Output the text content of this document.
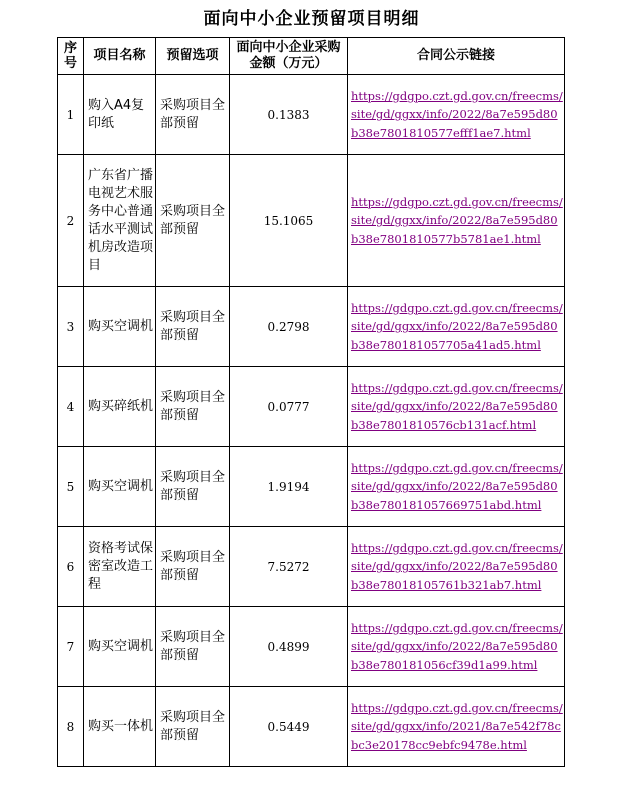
面向中小企业预留项目明细
序号	项目名称	预留选项	面向中小企业采购金额（万元）	合同公示链接
1	购入A4复印纸	采购项目全部预留	0.1383	https://gdgpo.czt.gd.gov.cn/freecms/site/gd/ggxx/info/2022/8a7e595d80b38e7801810577efff1ae7.html

2	广东省广播电视艺术服务中心普通话水平测试机房改造项目	采购项目全部预留	15.1065	https://gdgpo.czt.gd.gov.cn/freecms/site/gd/ggxx/info/2022/8a7e595d80b38e7801810577b5781ae1.html

3	购买空调机	采购项目全部预留	0.2798	https://gdgpo.czt.gd.gov.cn/freecms/site/gd/ggxx/info/2022/8a7e595d80b38e780181057705a41ad5.html

4	购买碎纸机	采购项目全部预留	0.0777	https://gdgpo.czt.gd.gov.cn/freecms/site/gd/ggxx/info/2022/8a7e595d80b38e7801810576cb131acf.html

5	购买空调机	采购项目全部预留	1.9194	https://gdgpo.czt.gd.gov.cn/freecms/site/gd/ggxx/info/2022/8a7e595d80b38e780181057669751abd.html

6	资格考试保密室改造工程	采购项目全部预留	7.5272	https://gdgpo.czt.gd.gov.cn/freecms/site/gd/ggxx/info/2022/8a7e595d80b38e78018105761b321ab7.html

7	购买空调机	采购项目全部预留	0.4899	https://gdgpo.czt.gd.gov.cn/freecms/site/gd/ggxx/info/2022/8a7e595d80b38e780181056cf39d1a99.html

8	购买一体机	采购项目全部预留	0.5449	https://gdgpo.czt.gd.gov.cn/freecms/site/gd/ggxx/info/2021/8a7e542f78cbc3e20178cc9ebfc9478e.html
